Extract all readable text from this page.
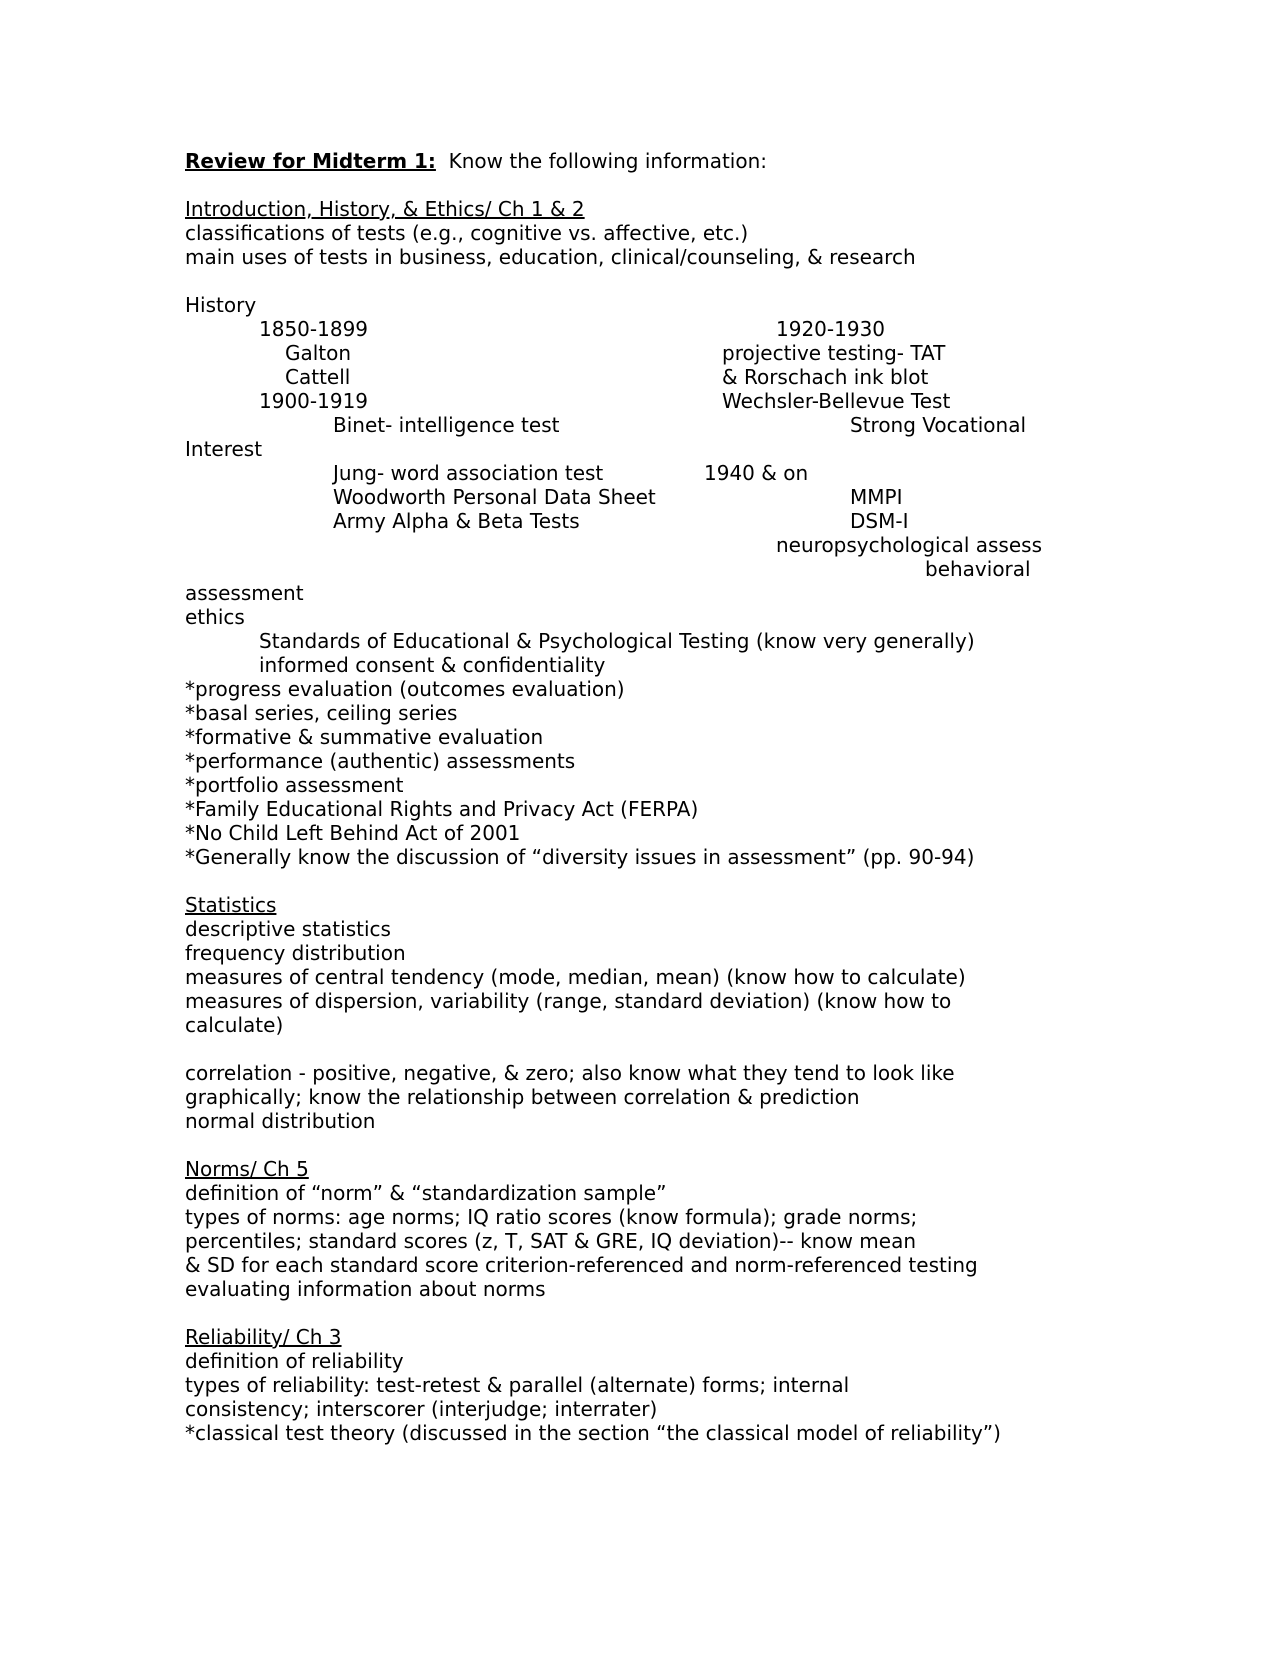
Review for Midterm 1: Know the following information:

Introduction, History, & Ethics/ Ch 1 & 2

classifications of tests (e.g., cognitive vs. affective, etc.)

main uses of tests in business, education, clinical/counseling, & research

History

1850-1899	1920-1930

Galton	projective testing- TAT

Cattell	& Rorschach ink blot

1900-1919	Wechsler-Bellevue Test

Binet- intelligence test	Strong Vocational

Interest

Jung- word association test	1940 & on

Woodworth Personal Data Sheet	MMPI

Army Alpha & Beta Tests	DSM-I

neuropsychological assess

behavioral

assessment

ethics

Standards of Educational & Psychological Testing (know very generally)

informed consent & confidentiality

*progress evaluation (outcomes evaluation)

*basal series, ceiling series

*formative & summative evaluation

*performance (authentic) assessments

*portfolio assessment

*Family Educational Rights and Privacy Act (FERPA)

*No Child Left Behind Act of 2001

*Generally know the discussion of “diversity issues in assessment” (pp. 90-94)

Statistics

descriptive statistics

frequency distribution

measures of central tendency (mode, median, mean) (know how to calculate)

measures of dispersion, variability (range, standard deviation) (know how to

calculate)

correlation - positive, negative, & zero; also know what they tend to look like

graphically; know the relationship between correlation & prediction

normal distribution

Norms/ Ch 5

definition of “norm” & “standardization sample”

types of norms: age norms; IQ ratio scores (know formula); grade norms;

percentiles; standard scores (z, T, SAT & GRE, IQ deviation)-- know mean

& SD for each standard score criterion-referenced and norm-referenced testing

evaluating information about norms

Reliability/ Ch 3

definition of reliability

types of reliability: test-retest & parallel (alternate) forms; internal

consistency; interscorer (interjudge; interrater)

*classical test theory (discussed in the section “the classical model of reliability”)
